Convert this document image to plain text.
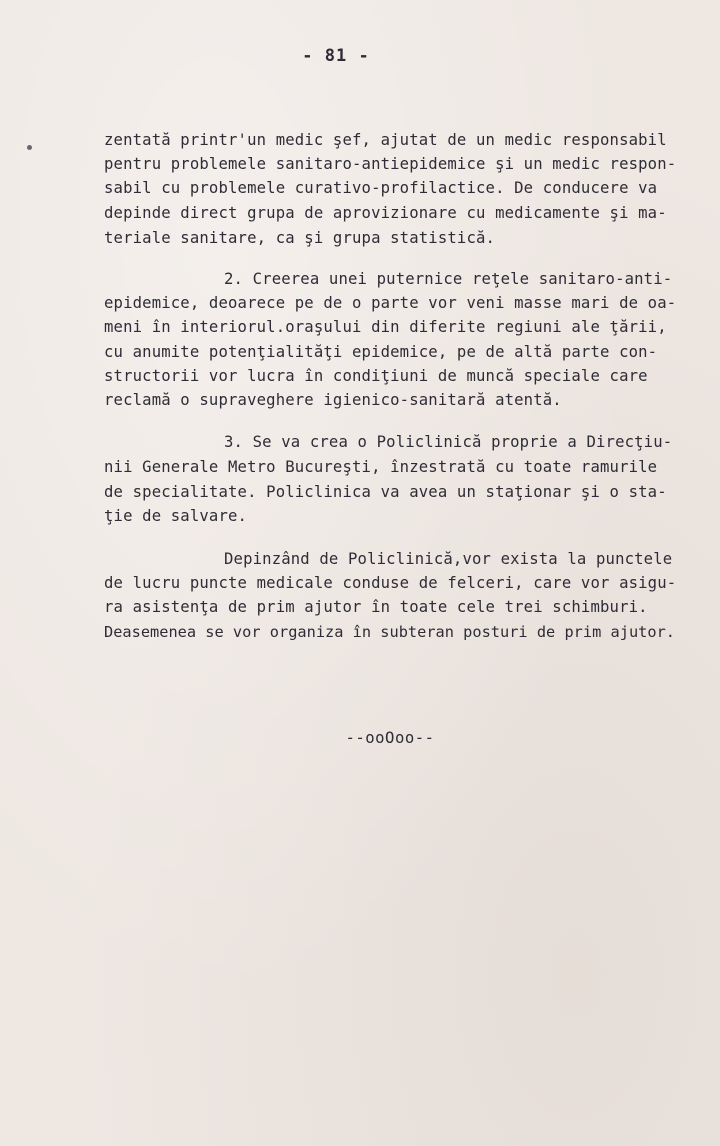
- 81 -
zentată printr'un medic şef, ajutat de un medic responsabil
pentru problemele sanitaro-antiepidemice şi un medic respon-
sabil cu problemele curativo-profilactice. De conducere va
depinde direct grupa de aprovizionare cu medicamente şi ma-
teriale sanitare, ca şi grupa statistică.
2. Creerea unei puternice reţele sanitaro-anti-
epidemice, deoarece pe de o parte vor veni masse mari de oa-
meni în interiorul.oraşului din diferite regiuni ale ţării,
cu anumite potenţialităţi epidemice, pe de altă parte con-
structorii vor lucra în condiţiuni de muncă speciale care
reclamă o supraveghere igienico-sanitară atentă.
3. Se va crea o Policlinică proprie a Direcţiu-
nii Generale Metro Bucureşti, înzestrată cu toate ramurile
de specialitate. Policlinica va avea un staţionar şi o sta-
ţie de salvare.
Depinzând de Policlinică,vor exista la punctele
de lucru puncte medicale conduse de felceri, care vor asigu-
ra asistenţa de prim ajutor în toate cele trei schimburi.
Deasemenea se vor organiza în subteran posturi de prim ajutor.
--ooOoo--
